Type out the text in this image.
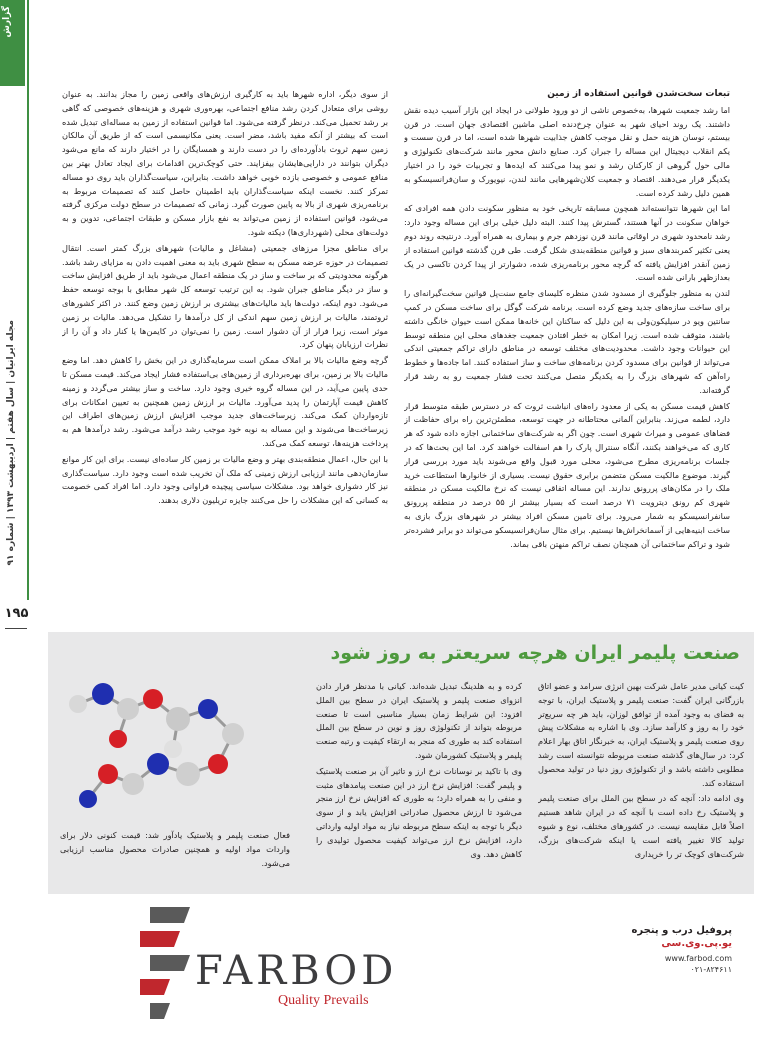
گزارش
مجله ایرانیان | سال هفتم | اردیبهشت ۱۳۹۳ | شماره ۹۱
۱۹۵

تبعات سخت‌شدن قوانین استفاده از زمین

اما رشد جمعیت شهرها، به‌خصوص ناشی از دو ورود طولانی در ایجاد این بازار آسیب دیده نقش داشتند. یک روند احیای شهر به عنوان چرخ‌دنده اصلی ماشین اقتصادی جهان است. در قرن بیستم، نوسان هزینه حمل و نقل موجب کاهش جذابیت شهرها شده است، اما در قرن سست و یکم انقلاب دیجیتال این مساله را جبران کرد. صنایع دانش محور مانند شرکت‌های تکنولوژی و مالی حول گروهی از کارکنان رشد و نمو پیدا می‌کنند که ایده‌ها و تجربیات خود را در اختیار یکدیگر قرار می‌دهند. اقتصاد و جمعیت کلان‌شهرهایی مانند لندن، نیویورک و سان‌فرانسیسکو به همین دلیل رشد کرده است.

اما این شهرها نتوانسته‌اند همچون مسابقه تاریخی خود به منظور سکونت دادن همه افرادی که خواهان سکونت در آنها هستند، گسترش پیدا کنند. البته دلیل خیلی برای این مساله وجود دارد: رشد نامحدود شهری در اوقاتی مانند قرن نوزدهم جرم و بیماری به همراه آورد. درنتیجه روند دوم یعنی تکثیر کمربندهای سبز و قوانین منطقه‌بندی شکل گرفت. طی قرن گذشته قوانین استفاده از زمین آنقدر افزایش یافته که گرچه محور برنامه‌ریزی شده، دشوارتر از پیدا کردن تاکسی در یک بعدازظهر بارانی شده است.

لندن به منظور جلوگیری از مسدود شدن منظره کلیسای جامع سنت‌پل قوانین سخت‌گیرانه‌ای را برای ساخت سازه‌های جدید وضع کرده است. برنامه شرکت گوگل برای ساخت مسکن در کمپ سانتین ویو در سیلیکون‌ولی به این دلیل که ساکنان این خانه‌ها ممکن است حیوان خانگی داشته باشند، متوقف شده است. زیرا امکان به خطر افتادن جمعیت جغدهای محلی این منطقه توسط این حیوانات وجود داشت. محدودیت‌های مختلف توسعه در مناطق دارای تراکم جمعیتی اندکی می‌تواند از قوانین برای مسدود کردن برنامه‌های ساخت و ساز استفاده کنند. اما جاده‌ها و خطوط راه‌آهن که شهرهای بزرگ را به یکدیگر متصل می‌کنند تحت فشار جمعیت رو به رشد قرار گرفته‌اند.

کاهش قیمت مسکن به یکی از معدود راه‌های انباشت ثروت که در دسترس طبقه متوسط قرار دارد، لطمه می‌زند. بنابراین آلمانی محتاطانه در جهت توسعه، مطمئن‌ترین راه برای حفاظت از فضاهای عمومی و میراث شهری است. چون اگر به شرکت‌های ساختمانی اجازه داده شود که هر کاری که می‌خواهند بکنند، آنگاه سنترال پارک را هم اسفالت خواهند کرد. اما این بحث‌ها که در جلسات برنامه‌ریزی مطرح می‌شود، محلی مورد قبول واقع می‌شوند باید مورد بررسی قرار گیرند. موضوع مالکیت مسکن متضمن برابری حقوق نیست. بسیاری از خانوارها استطاعت خرید ملک را در مکان‌های پررونق ندارند. این مساله اتفاقی نیست که نرخ مالکیت مسکن در منطقه شهری کم رونق دیترویت ۷۱ درصد است که بسیار بیشتر از ۵۵ درصد در منطقه پررونق سانفرانسیسکو به شمار می‌رود. برای تامین مسکن افراد بیشتر در شهرهای بزرگ بازی به ساخت ابنیه‌هایی از آسمانخراش‌ها نیستیم. برای مثال سان‌فرانسیسکو می‌تواند دو برابر فشرده‌تر شود و تراکم ساختمانی آن همچنان نصف تراکم منهتن باقی بماند.

از سوی دیگر، اداره شهرها باید به کارگیری ارزش‌های واقعی زمین را مجاز بدانند. به عنوان روشی برای متعادل کردن رشد منافع اجتماعی، بهره‌وری شهری و هزینه‌های خصوصی که گاهی بر رشد تحمیل می‌کند. درنظر گرفته می‌شود. اما قوانین استفاده از زمین به مساله‌ای تبدیل شده است که بیشتر از آنکه مفید باشد، مضر است. یعنی مکانیسمی است که از طریق آن مالکان زمین سهم ثروت بادآورده‌ای را در دست دارند و همسایگان را در اختیار دارند که مانع می‌شود دیگران بتوانند در دارایی‌هایشان بیفزایند. حتی کوچک‌ترین اقدامات برای ایجاد تعادل بهتر بین منافع عمومی و خصوصی بازده خوبی خواهد داشت. بنابراین، سیاست‌گذاران باید روی دو مساله تمرکز کنند. نخست اینکه سیاست‌گذاران باید اطمینان حاصل کنند که تصمیمات مربوط به برنامه‌ریزی شهری از بالا به پایین صورت گیرد. زمانی که تصمیمات در سطح دولت مرکزی گرفته می‌شود، قوانین استفاده از زمین می‌تواند به نفع بازار مسکن و طبقات اجتماعی، تدوین و به دولت‌های محلی (شهرداری‌ها) دیکته شود.

برای مناطق مجزا مرزهای جمعیتی (مشاغل و مالیات) شهرهای بزرگ کمتر است. انتقال تصمیمات در حوزه عرضه مسکن به سطح شهری باید به معنی اهمیت دادن به مزایای رشد باشد. هرگونه محدودیتی که بر ساخت و ساز در یک منطقه اعمال می‌شود باید از طریق افزایش ساخت و ساز در دیگر مناطق جبران شود. به این ترتیب توسعه کل شهر مطابق با بوجه توسعه حفظ می‌شود. دوم اینکه، دولت‌ها باید مالیات‌های بیشتری بر ارزش زمین وضع کنند. در اکثر کشورهای ثروتمند، مالیات بر ارزش زمین سهم اندکی از کل درآمدها را تشکیل می‌دهد. مالیات بر زمین موثر است، زیرا فرار از آن دشوار است. زمین را نمی‌توان در کایمن‌ها یا کنار داد و آن را از نظرات ارزیابان پنهان کرد.

گرچه وضع مالیات بالا بر املاک ممکن است سرمایه‌گذاری در این بخش را کاهش دهد. اما وضع مالیات بالا بر زمین، برای بهره‌برداری از زمین‌های بی‌استفاده فشار ایجاد می‌کند. قیمت مسکن تا حدی پایین می‌آید، در این مساله گروه خیری وجود دارد. ساخت و ساز بیشتر می‌گردد و زمینه کاهش قیمت آپارتمان را پدید می‌آورد. مالیات بر ارزش زمین همچنین به تعیین امکانات برای تازه‌واردان کمک می‌کند. زیرساخت‌های جدید موجب افزایش ارزش زمین‌های اطراف این زیرساخت‌ها می‌شوند و این مساله به نوبه خود موجب رشد درآمد می‌شود. رشد درآمدها هم به پرداخت هزینه‌ها، توسعه کمک می‌کند.

با این حال، اعمال منطقه‌بندی بهتر و وضع مالیات بر زمین کار ساده‌ای نیست. برای این کار موانع سازمان‌دهی مانند ارزیابی ارزش زمینی که ملک آن تخریب شده است وجود دارد. سیاست‌گذاری نیز کار دشواری خواهد بود. مشکلات سیاسی پیچیده فراوانی وجود دارد. اما افراد کمی خصومت به کسانی که این مشکلات را حل می‌کنند جایزه تریلیون دلاری بدهند.

صنعت پلیمر ایران هرچه سریعتر به روز شود

کیت کیانی مدیر عامل شرکت بهین انرژی سرامد و عضو اتاق بازرگانی ایران گفت: صنعت پلیمر و پلاستیک ایران، با توجه به فضای به وجود آمده از توافق لوزان، باید هر چه سریع‌تر خود را به روز و کارآمد سازد. وی با اشاره به مشکلات پیش روی صنعت پلیمر و پلاستیک ایران، به خبرنگار اتاق بهار اعلام کرد: در سال‌های گذشته صنعت مربوطه نتوانسته است رشد مطلوبی داشته باشد و از تکنولوژی روز دنیا در تولید محصول استفاده کند.

وی ادامه داد: آنچه که در سطح بین الملل برای صنعت پلیمر و پلاستیک رخ داده است با آنچه که در ایران شاهد هستیم اصلاً قابل مقایسه نیست. در کشورهای مختلف، نوع و شیوه تولید کالا تغییر یافته است یا اینکه شرکت‌های بزرگ، شرکت‌های کوچک تر را خریداری

کرده و به هلدینگ تبدیل شده‌اند. کیانی با مدنظر قرار دادن انزوای صنعت پلیمر و پلاستیک ایران در سطح بین الملل افزود: این شرایط زمان بسیار مناسبی است تا صنعت مربوطه بتواند از تکنولوژی روز و نوین در سطح بین الملل استفاده کند به طوری که منجر به ارتقاء کیفیت و رتبه صنعت پلیمر و پلاستیک کشورمان شود.

وی با تاکید بر نوسانات نرخ ارز و تاثیر آن بر صنعت پلاستیک و پلیمر گفت: افزایش نرخ ارز در این صنعت پیامدهای مثبت و منفی را به همراه دارد؛ به طوری که افزایش نرخ ارز منجر می‌شود تا ارزش محصول صادراتی افزایش یابد و از سوی دیگر با توجه به اینکه سطح مربوطه نیاز به مواد اولیه وارداتی دارد، افزایش نرخ ارز می‌تواند کیفیت محصول تولیدی را کاهش دهد. وی

فعال صنعت پلیمر و پلاستیک یادآور شد: قیمت کنونی دلار برای واردات مواد اولیه و همچنین صادرات محصول مناسب ارزیابی می‌شود.
FARBOD
Quality Prevails
پروفیل درب و پنجره
یو.پی.وی.سی
www.farbod.com
۰۲۱-۸۲۴۶۱۱
